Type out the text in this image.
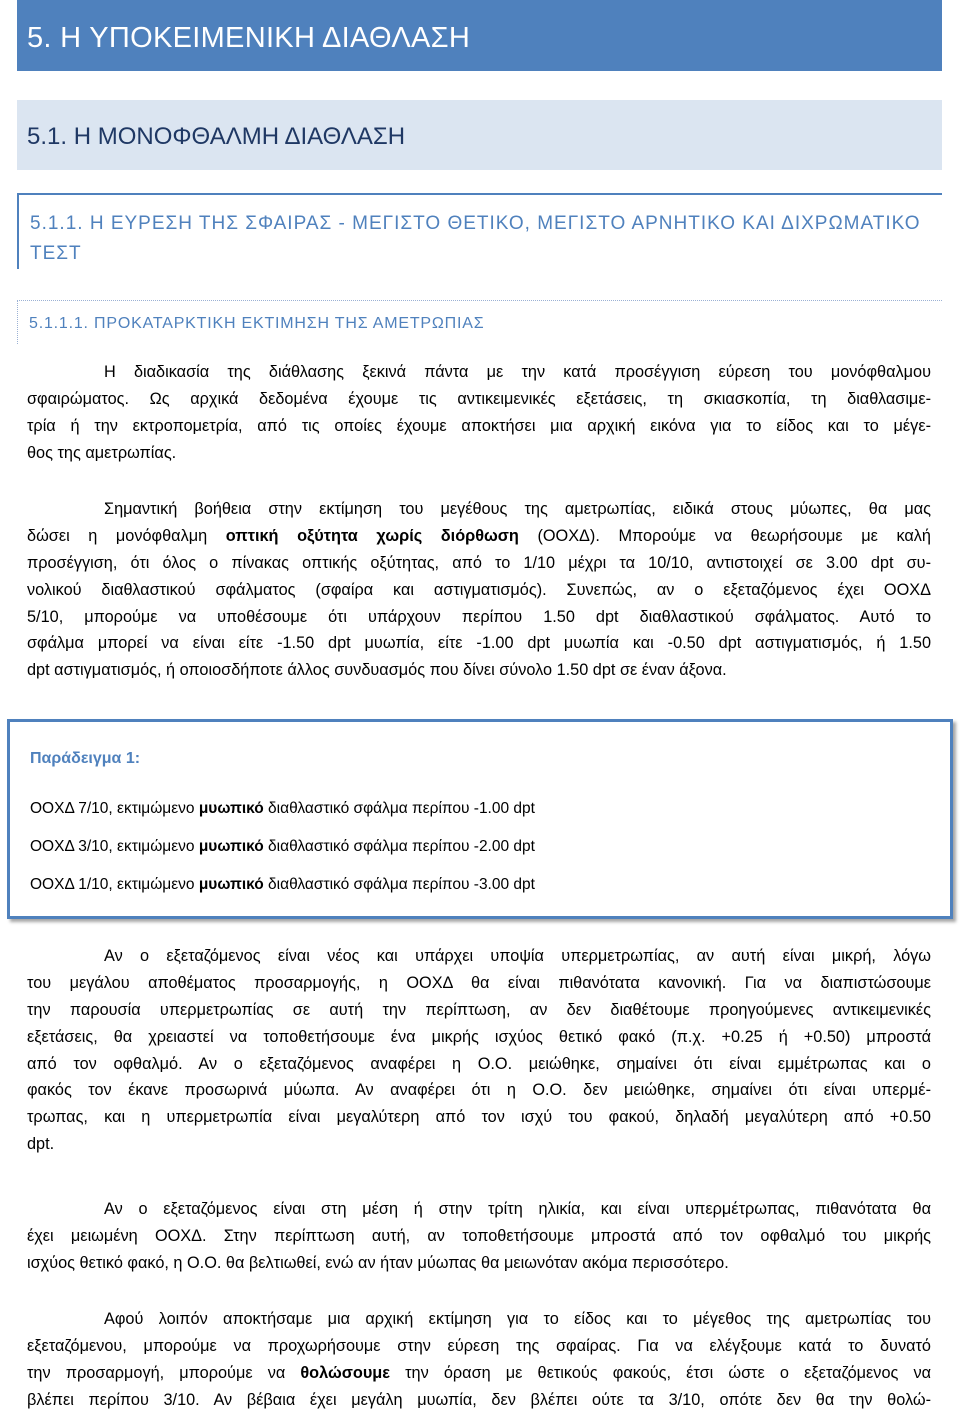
5. Η ΥΠΟΚΕΙΜΕΝΙΚΗ ΔΙΑΘΛΑΣΗ
5.1. Η ΜΟΝΟΦΘΑΛΜΗ ΔΙΑΘΛΑΣΗ
5.1.1. Η ΕΥΡΕΣΗ ΤΗΣ ΣΦΑΙΡΑΣ - ΜΕΓΙΣΤΟ ΘΕΤΙΚΟ, ΜΕΓΙΣΤΟ ΑΡΝΗΤΙΚΟ ΚΑΙ ΔΙΧΡΩΜΑΤΙΚΟ
ΤΕΣΤ
5.1.1.1. ΠΡΟΚΑΤΑΡΚΤΙΚΗ ΕΚΤΙΜΗΣΗ ΤΗΣ ΑΜΕΤΡΩΠΙΑΣ
Η διαδικασία της διάθλασης ξεκινά πάντα με την κατά προσέγγιση εύρεση του μονόφθαλμου
σφαιρώματος. Ως αρχικά δεδομένα έχουμε τις αντικειμενικές εξετάσεις, τη σκιασκοπία, τη διαθλασιμε-
τρία ή την εκτροπομετρία, από τις οποίες έχουμε αποκτήσει μια αρχική εικόνα για το είδος και το μέγε-
θος της αμετρωπίας.
Σημαντική βοήθεια στην εκτίμηση του μεγέθους της αμετρωπίας, ειδικά στους μύωπες, θα μας
δώσει η μονόφθαλμη οπτική οξύτητα χωρίς διόρθωση (ΟΟΧΔ). Μπορούμε να θεωρήσουμε με καλή
προσέγγιση, ότι όλος ο πίνακας οπτικής οξύτητας, από το 1/10 μέχρι τα 10/10, αντιστοιχεί σε 3.00 dpt συ-
νολικού διαθλαστικού σφάλματος (σφαίρα και αστιγματισμός). Συνεπώς, αν ο εξεταζόμενος έχει ΟΟΧΔ
5/10, μπορούμε να υποθέσουμε ότι υπάρχουν περίπου 1.50 dpt διαθλαστικού σφάλματος. Αυτό το
σφάλμα μπορεί να είναι είτε -1.50 dpt μυωπία, είτε -1.00 dpt μυωπία και -0.50 dpt αστιγματισμός, ή 1.50
dpt αστιγματισμός, ή οποιοσδήποτε άλλος συνδυασμός που δίνει σύνολο 1.50 dpt σε έναν άξονα.
Παράδειγμα 1:
ΟΟΧΔ 7/10, εκτιμώμενο μυωπικό διαθλαστικό σφάλμα περίπου -1.00 dpt
ΟΟΧΔ 3/10, εκτιμώμενο μυωπικό διαθλαστικό σφάλμα περίπου -2.00 dpt
ΟΟΧΔ 1/10, εκτιμώμενο μυωπικό διαθλαστικό σφάλμα περίπου -3.00 dpt
Αν ο εξεταζόμενος είναι νέος και υπάρχει υποψία υπερμετρωπίας, αν αυτή είναι μικρή, λόγω
του μεγάλου αποθέματος προσαρμογής, η ΟΟΧΔ θα είναι πιθανότατα κανονική. Για να διαπιστώσουμε
την παρουσία υπερμετρωπίας σε αυτή την περίπτωση, αν δεν διαθέτουμε προηγούμενες αντικειμενικές
εξετάσεις, θα χρειαστεί να τοποθετήσουμε ένα μικρής ισχύος θετικό φακό (π.χ. +0.25 ή +0.50) μπροστά
από τον οφθαλμό. Αν ο εξεταζόμενος αναφέρει η Ο.Ο. μειώθηκε, σημαίνει ότι είναι εμμέτρωπας και ο
φακός τον έκανε προσωρινά μύωπα. Αν αναφέρει ότι η Ο.Ο. δεν μειώθηκε, σημαίνει ότι είναι υπερμέ-
τρωπας, και η υπερμετρωπία είναι μεγαλύτερη από τον ισχύ του φακού, δηλαδή μεγαλύτερη από +0.50
dpt.
Αν ο εξεταζόμενος είναι στη μέση ή στην τρίτη ηλικία, και είναι υπερμέτρωπας, πιθανότατα θα
έχει μειωμένη ΟΟΧΔ. Στην περίπτωση αυτή, αν τοποθετήσουμε μπροστά από τον οφθαλμό του μικρής
ισχύος θετικό φακό, η Ο.Ο. θα βελτιωθεί, ενώ αν ήταν μύωπας θα μειωνόταν ακόμα περισσότερο.
Αφού λοιπόν αποκτήσαμε μια αρχική εκτίμηση για το είδος και το μέγεθος της αμετρωπίας του
εξεταζόμενου, μπορούμε να προχωρήσουμε στην εύρεση της σφαίρας. Για να ελέγξουμε κατά το δυνατό
την προσαρμογή, μπορούμε να θολώσουμε την όραση με θετικούς φακούς, έτσι ώστε ο εξεταζόμενος να
βλέπει περίπου 3/10. Αν βέβαια έχει μεγάλη μυωπία, δεν βλέπει ούτε τα 3/10, οπότε δεν θα την θολώ-
